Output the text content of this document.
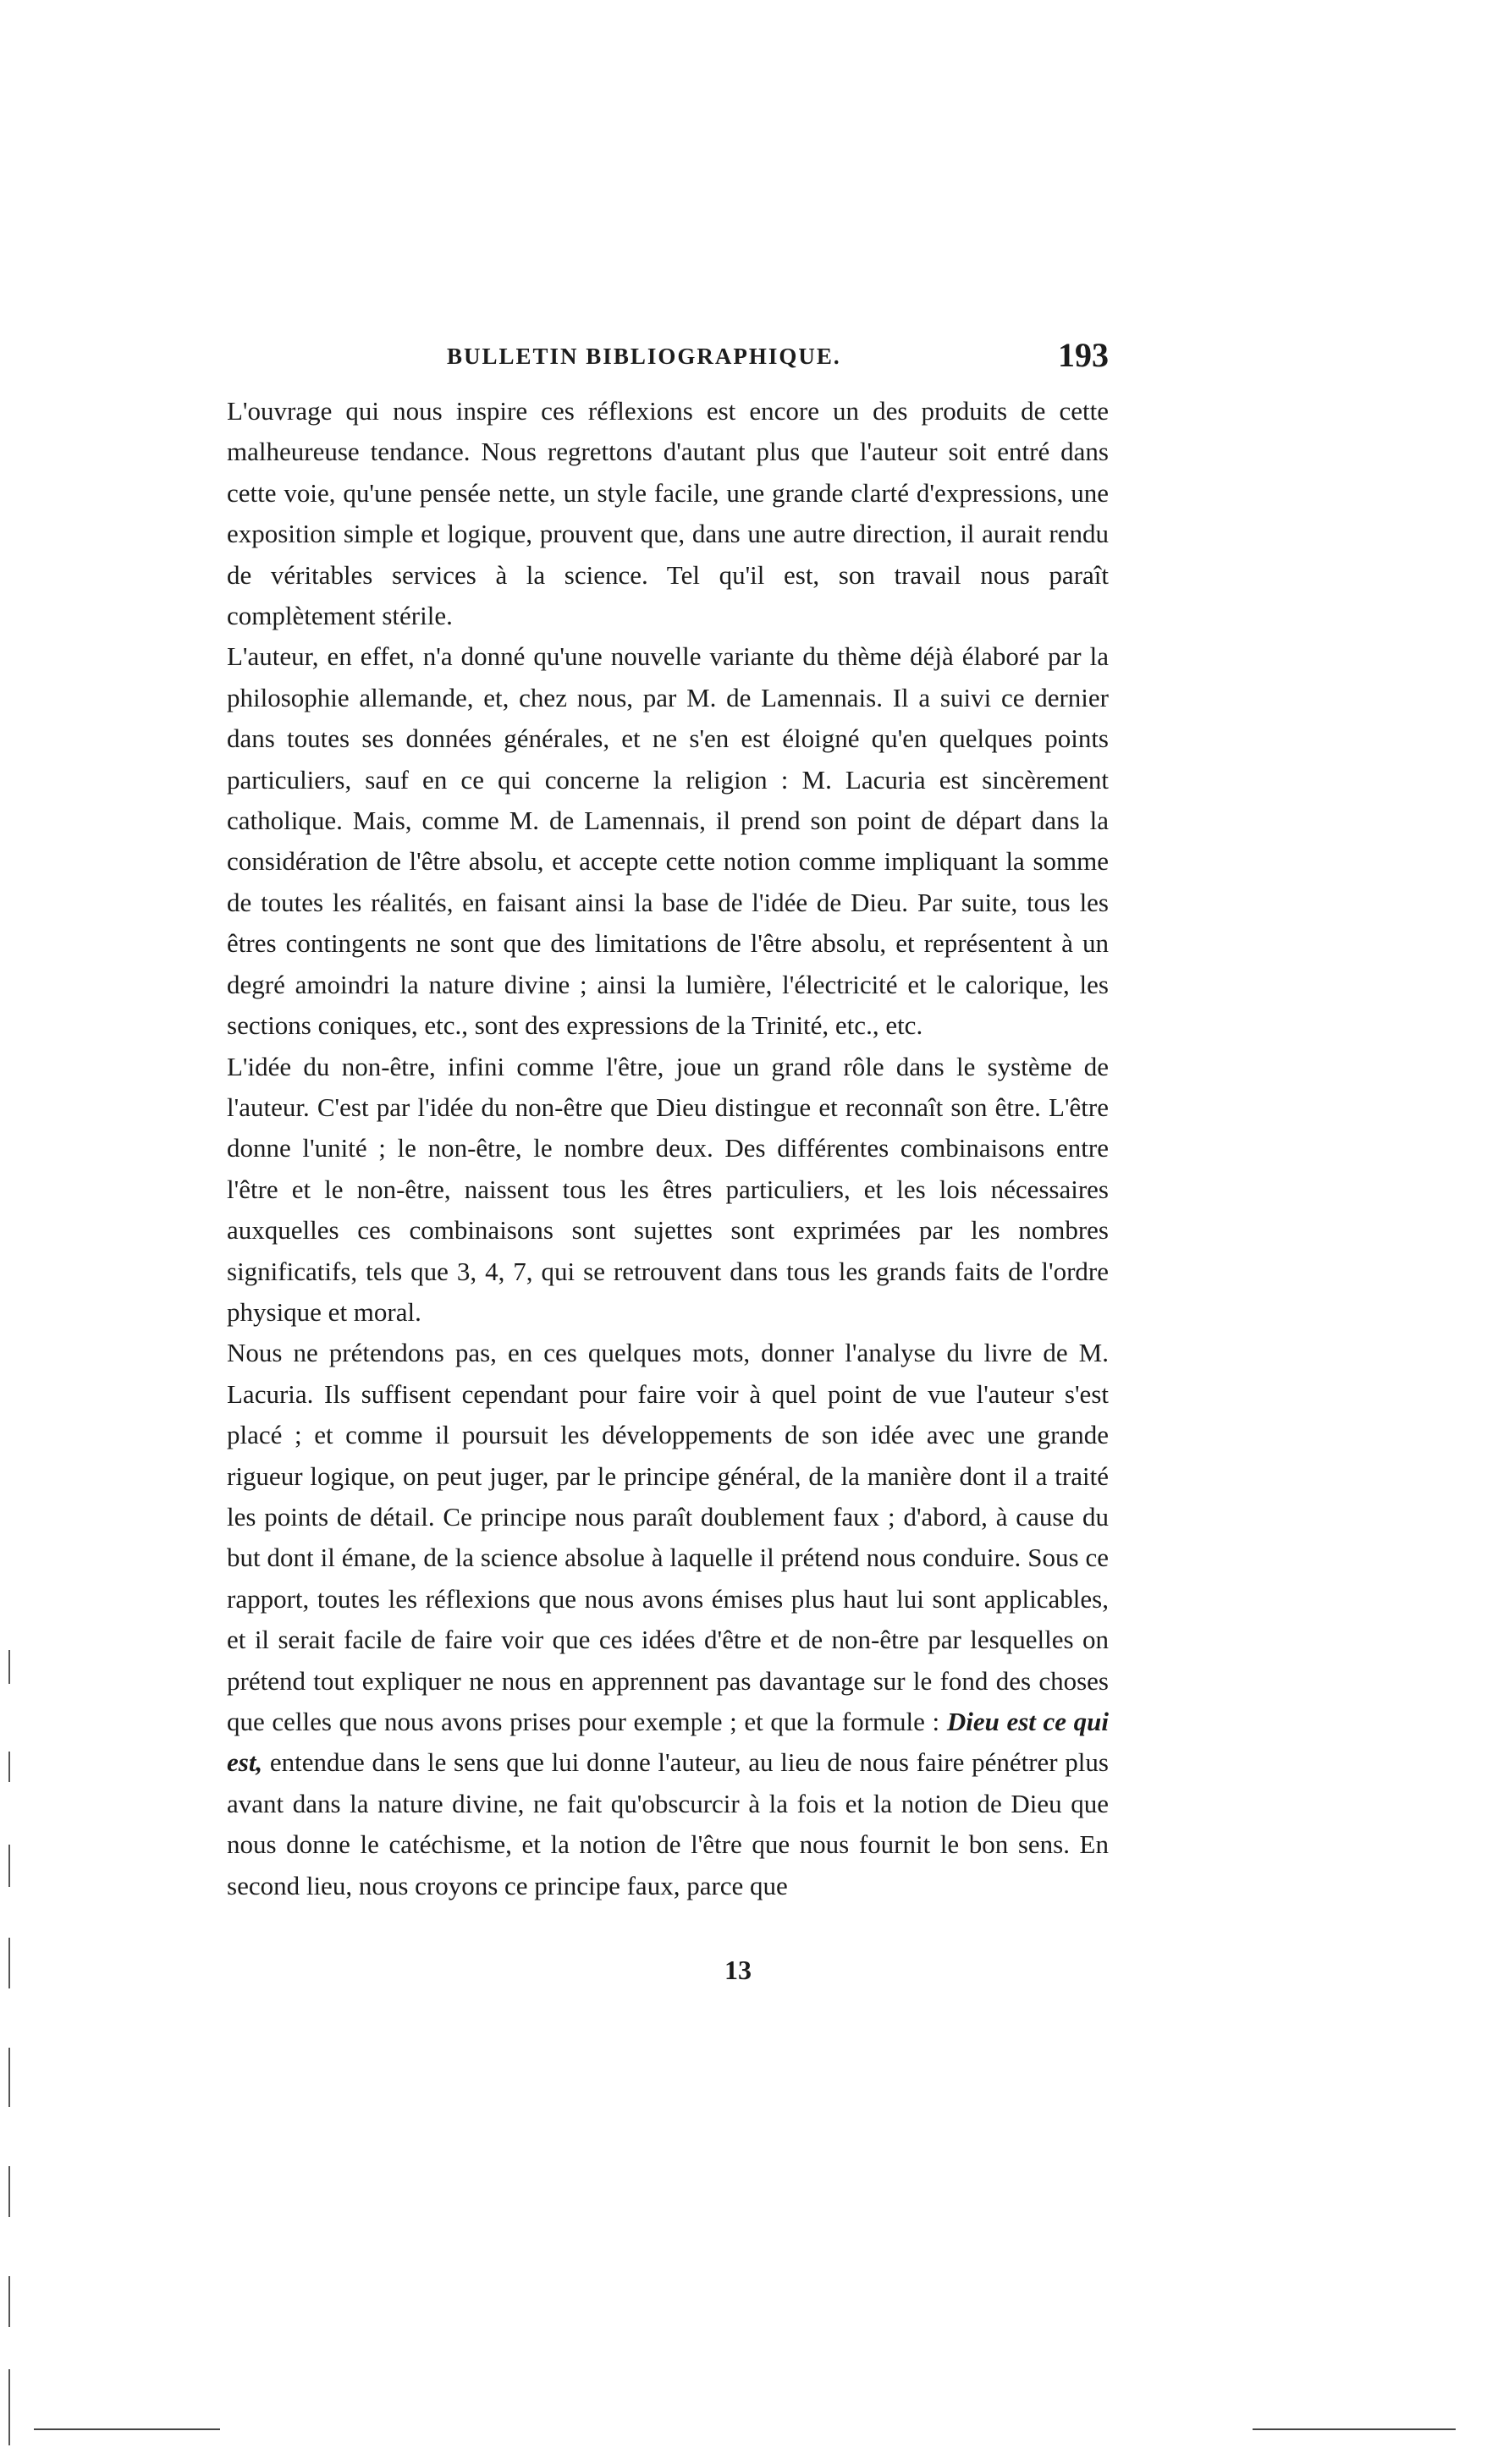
BULLETIN BIBLIOGRAPHIQUE.	193

L'ouvrage qui nous inspire ces réflexions est encore un des produits de cette malheureuse tendance. Nous regrettons d'autant plus que l'auteur soit entré dans cette voie, qu'une pensée nette, un style facile, une grande clarté d'expressions, une exposition simple et logique, prouvent que, dans une autre direction, il aurait rendu de véritables services à la science. Tel qu'il est, son travail nous paraît complètement stérile.

L'auteur, en effet, n'a donné qu'une nouvelle variante du thème déjà élaboré par la philosophie allemande, et, chez nous, par M. de Lamennais. Il a suivi ce dernier dans toutes ses données générales, et ne s'en est éloigné qu'en quelques points particuliers, sauf en ce qui concerne la religion : M. Lacuria est sincèrement catholique. Mais, comme M. de Lamennais, il prend son point de départ dans la considération de l'être absolu, et accepte cette notion comme impliquant la somme de toutes les réalités, en faisant ainsi la base de l'idée de Dieu. Par suite, tous les êtres contingents ne sont que des limitations de l'être absolu, et représentent à un degré amoindri la nature divine ; ainsi la lumière, l'électricité et le calorique, les sections coniques, etc., sont des expressions de la Trinité, etc., etc.

L'idée du non-être, infini comme l'être, joue un grand rôle dans le système de l'auteur. C'est par l'idée du non-être que Dieu distingue et reconnaît son être. L'être donne l'unité ; le non-être, le nombre deux. Des différentes combinaisons entre l'être et le non-être, naissent tous les êtres particuliers, et les lois nécessaires auxquelles ces combinaisons sont sujettes sont exprimées par les nombres significatifs, tels que 3, 4, 7, qui se retrouvent dans tous les grands faits de l'ordre physique et moral.

Nous ne prétendons pas, en ces quelques mots, donner l'analyse du livre de M. Lacuria. Ils suffisent cependant pour faire voir à quel point de vue l'auteur s'est placé ; et comme il poursuit les développements de son idée avec une grande rigueur logique, on peut juger, par le principe général, de la manière dont il a traité les points de détail. Ce principe nous paraît doublement faux ; d'abord, à cause du but dont il émane, de la science absolue à laquelle il prétend nous conduire. Sous ce rapport, toutes les réflexions que nous avons émises plus haut lui sont applicables, et il serait facile de faire voir que ces idées d'être et de non-être par lesquelles on prétend tout expliquer ne nous en apprennent pas davantage sur le fond des choses que celles que nous avons prises pour exemple ; et que la formule : Dieu est ce qui est, entendue dans le sens que lui donne l'auteur, au lieu de nous faire pénétrer plus avant dans la nature divine, ne fait qu'obscurcir à la fois et la notion de Dieu que nous donne le catéchisme, et la notion de l'être que nous fournit le bon sens. En second lieu, nous croyons ce principe faux, parce que

13
